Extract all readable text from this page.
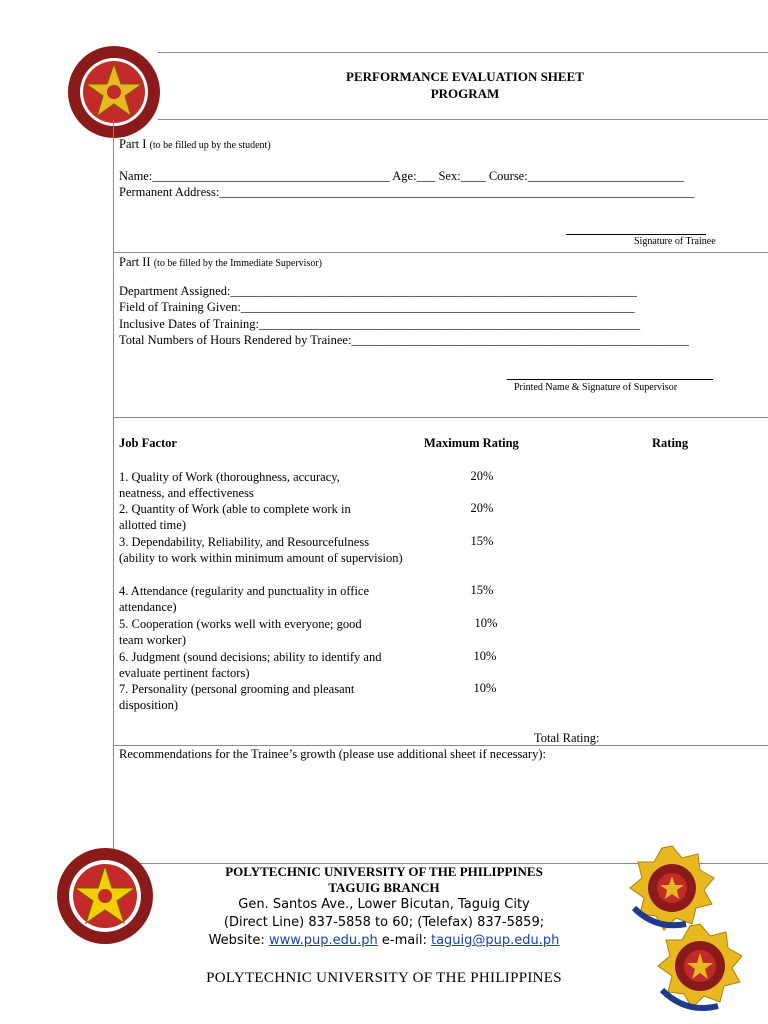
PERFORMANCE EVALUATION SHEET
PROGRAM
Part I (to be filled up by the student)
Name:______________________________________ Age:___ Sex:____ Course:_________________________
Permanent Address:____________________________________________________________________________
Signature of Trainee
Part II (to be filled by the Immediate Supervisor)
Department Assigned:_________________________________________________________________
Field of Training Given:_______________________________________________________________
Inclusive Dates of Training:_____________________________________________________________
Total Numbers of Hours Rendered by Trainee:______________________________________________________
Printed Name & Signature of Supervisor
Job Factor	Maximum Rating	Rating
1. Quality of Work (thoroughness, accuracy, neatness, and effectiveness
20%
2. Quantity of Work (able to complete work in allotted time)
20%
3. Dependability, Reliability, and Resourcefulness (ability to work within minimum amount of supervision)
15%
4. Attendance (regularity and punctuality in office attendance)
15%
5. Cooperation (works well with everyone; good team worker)
10%
6. Judgment (sound decisions; ability to identify and evaluate pertinent factors)
10%
7. Personality (personal grooming and pleasant disposition)
10%
Total Rating:
Recommendations for the Trainee’s growth (please use additional sheet if necessary):
POLYTECHNIC UNIVERSITY OF THE PHILIPPINES
TAGUIG BRANCH
Gen. Santos Ave., Lower Bicutan, Taguig City
(Direct Line) 837-5858 to 60; (Telefax) 837-5859;
Website: www.pup.edu.ph e-mail: taguig@pup.edu.ph
POLYTECHNIC UNIVERSITY OF THE PHILIPPINES
